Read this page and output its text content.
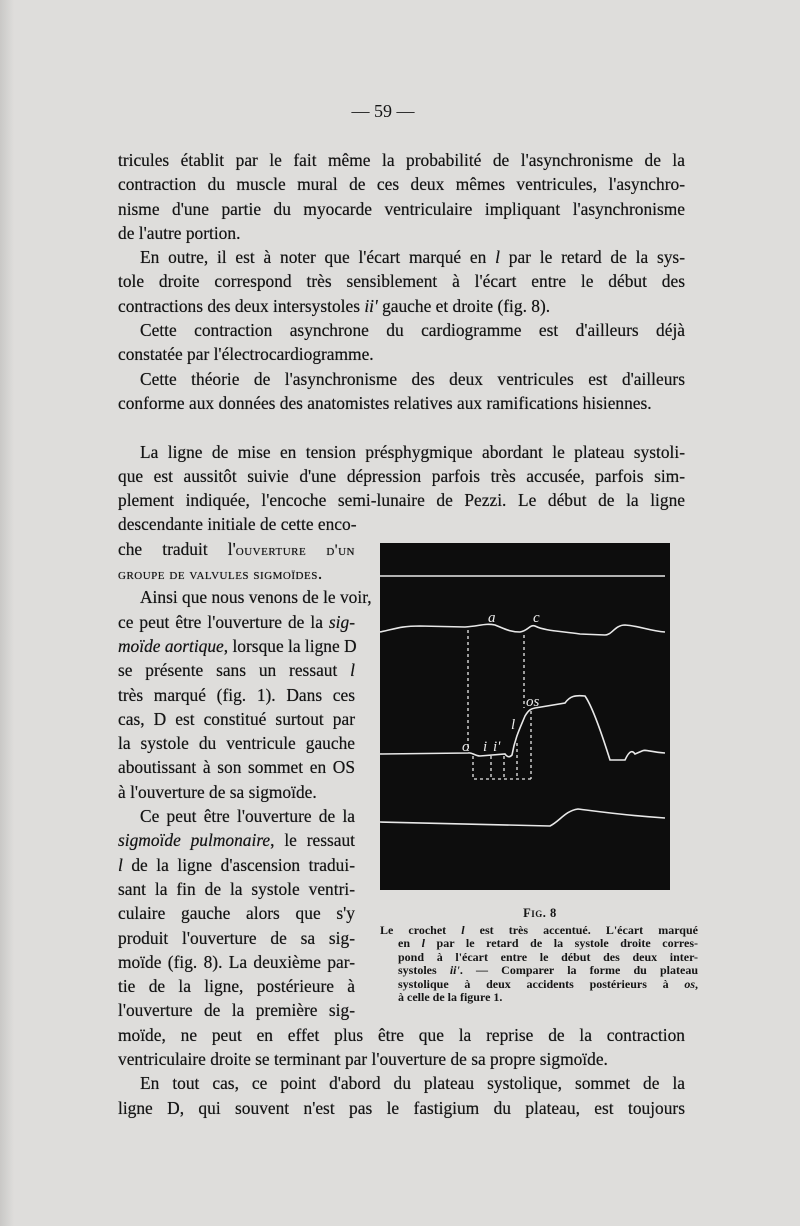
— 59 —
tricules établit par le fait même la probabilité de l'asynchronisme de la
contraction du muscle mural de ces deux mêmes ventricules, l'asynchro-
nisme d'une partie du myocarde ventriculaire impliquant l'asynchronisme
de l'autre portion.
En outre, il est à noter que l'écart marqué en l par le retard de la sys-
tole droite correspond très sensiblement à l'écart entre le début des
contractions des deux intersystoles ii' gauche et droite (fig. 8).
Cette contraction asynchrone du cardiogramme est d'ailleurs déjà
constatée par l'électrocardiogramme.
Cette théorie de l'asynchronisme des deux ventricules est d'ailleurs
conforme aux données des anatomistes relatives aux ramifications hisiennes.
La ligne de mise en tension présphygmique abordant le plateau systoli-
que est aussitôt suivie d'une dépression parfois très accusée, parfois sim-
plement indiquée, l'encoche semi-lunaire de Pezzi. Le début de la ligne
descendante initiale de cette enco-
che traduit l'ouverture d'un
groupe de valvules sigmoïdes.
Ainsi que nous venons de le voir,
ce peut être l'ouverture de la sig-
moïde aortique, lorsque la ligne D
se présente sans un ressaut l
très marqué (fig. 1). Dans ces
cas, D est constitué surtout par
la systole du ventricule gauche
aboutissant à son sommet en OS
à l'ouverture de sa sigmoïde.
Ce peut être l'ouverture de la
sigmoïde pulmonaire, le ressaut
l de la ligne d'ascension tradui-
sant la fin de la systole ventri-
culaire gauche alors que s'y
produit l'ouverture de sa sig-
moïde (fig. 8). La deuxième par-
tie de la ligne, postérieure à
l'ouverture de la première sig-
moïde, ne peut en effet plus être que la reprise de la contraction
ventriculaire droite se terminant par l'ouverture de sa propre sigmoïde.
En tout cas, ce point d'abord du plateau systolique, sommet de la
ligne D, qui souvent n'est pas le fastigium du plateau, est toujours
a	c
o i i'
l
os
Fig. 8
Le crochet l est très accentué. L'écart marqué
en l par le retard de la systole droite corres-
pond à l'écart entre le début des deux inter-
systoles ii'. — Comparer la forme du plateau
systolique à deux accidents postérieurs à os,
à celle de la figure 1.
